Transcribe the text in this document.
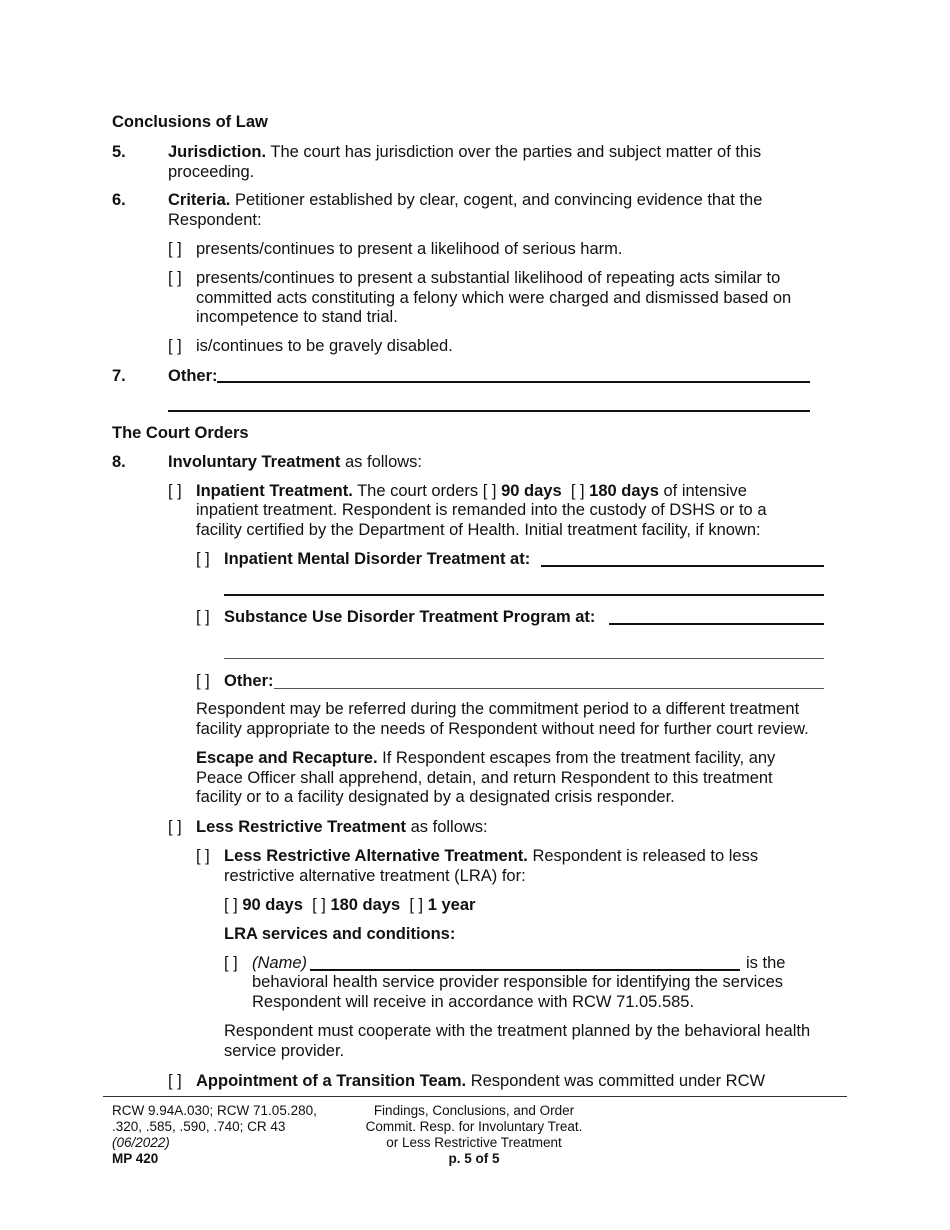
Conclusions of Law
5.	Jurisdiction. The court has jurisdiction over the parties and subject matter of this proceeding.
6.	Criteria. Petitioner established by clear, cogent, and convincing evidence that the Respondent:
[ ] presents/continues to present a likelihood of serious harm.
[ ] presents/continues to present a substantial likelihood of repeating acts similar to committed acts constituting a felony which were charged and dismissed based on incompetence to stand trial.
[ ] is/continues to be gravely disabled.
7.	Other:
The Court Orders
8.	Involuntary Treatment as follows:
[ ] Inpatient Treatment. The court orders [ ] 90 days [ ] 180 days of intensive
inpatient treatment. Respondent is remanded into the custody of DSHS or to a facility certified by the Department of Health. Initial treatment facility, if known:
[ ] Inpatient Mental Disorder Treatment at:
[ ] Substance Use Disorder Treatment Program at:
[ ] Other:
Respondent may be referred during the commitment period to a different treatment facility appropriate to the needs of Respondent without need for further court review.
Escape and Recapture. If Respondent escapes from the treatment facility, any Peace Officer shall apprehend, detain, and return Respondent to this treatment facility or to a facility designated by a designated crisis responder.
[ ] Less Restrictive Treatment as follows:
[ ] Less Restrictive Alternative Treatment. Respondent is released to less restrictive alternative treatment (LRA) for:
[ ] 90 days [ ] 180 days [ ] 1 year
LRA services and conditions:
[ ] (Name)	is the
behavioral health service provider responsible for identifying the services Respondent will receive in accordance with RCW 71.05.585.
Respondent must cooperate with the treatment planned by the behavioral health service provider.
[ ] Appointment of a Transition Team. Respondent was committed under RCW
RCW 9.94A.030; RCW 71.05.280,
.320, .585, .590, .740; CR 43
(06/2022)
MP 420
Findings, Conclusions, and Order
Commit. Resp. for Involuntary Treat.
or Less Restrictive Treatment
p. 5 of 5
